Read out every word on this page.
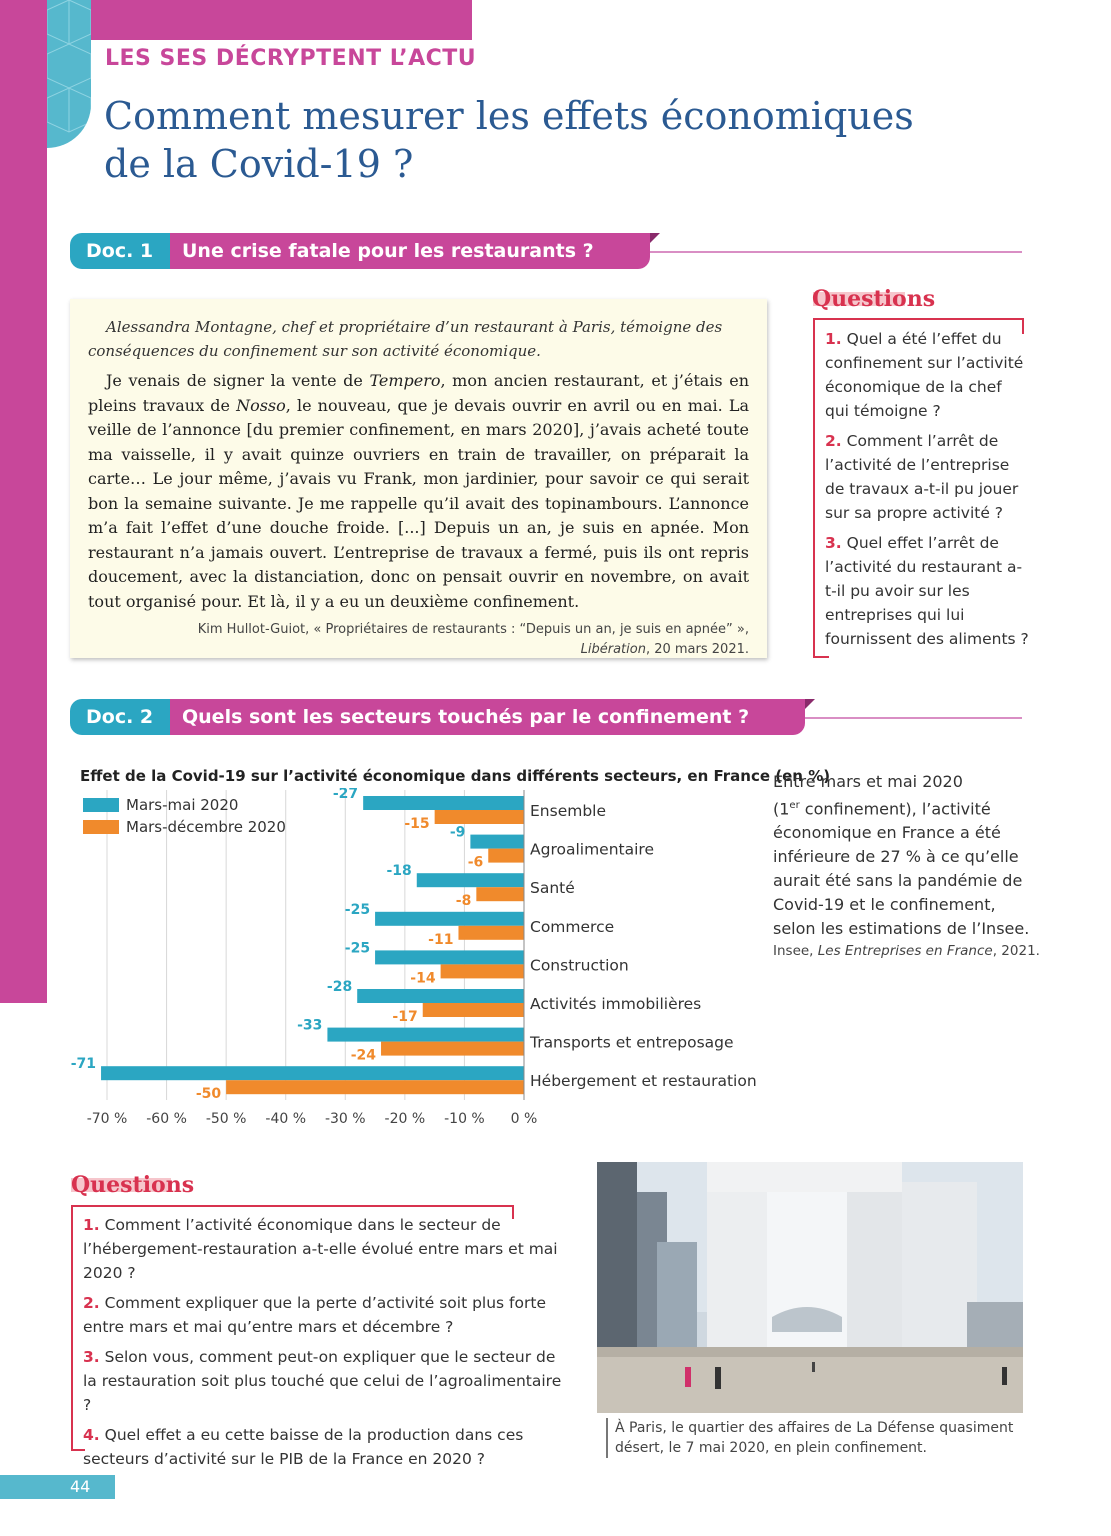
LES SES DÉCRYPTENT L’ACTU
Comment mesurer les effets économiques
de la Covid-19 ?
Doc. 1	Une crise fatale pour les restaurants ?

Alessandra Montagne, chef et propriétaire d’un restaurant à Paris, témoigne des conséquences du confinement sur son activité économique.

Je venais de signer la vente de Tempero, mon ancien restaurant, et j’étais en pleins travaux de Nosso, le nouveau, que je devais ouvrir en avril ou en mai. La veille de l’annonce [du premier confinement, en mars 2020], j’avais acheté toute ma vaisselle, il y avait quinze ouvriers en train de travailler, on préparait la carte… Le jour même, j’avais vu Frank, mon jardinier, pour savoir ce qui serait bon la semaine suivante. Je me rappelle qu’il avait des topinambours. L’annonce m’a fait l’effet d’une douche froide. [...] Depuis un an, je suis en apnée. Mon restaurant n’a jamais ouvert. L’entreprise de travaux a fermé, puis ils ont repris doucement, avec la distanciation, donc on pensait ouvrir en novembre, on avait tout organisé pour. Et là, il y a eu un deuxième confinement.

Kim Hullot-Guiot, « Propriétaires de restaurants : “Depuis un an, je suis en apnée” »,
Libération, 20 mars 2021.
Questions

1. Quel a été l’effet du confinement sur l’activité économique de la chef qui témoigne ?

2. Comment l’arrêt de l’activité de l’entreprise de travaux a-t-il pu jouer sur sa propre activité ?

3. Quel effet l’arrêt de l’activité du restaurant a-t-il pu avoir sur les entreprises qui lui fournissent des aliments ?

Doc. 2	Quels sont les secteurs touchés par le confinement ?
Effet de la Covid-19 sur l’activité économique dans différents secteurs, en France (en %)
-70 % -60 % -50 % -40 % -30 % -20 % -10 % 0 %
Mars-mai 2020
Mars-décembre 2020
-27
-15
Ensemble
-9
-6
Agroalimentaire
-18
-8
Santé
-25
-11
Commerce
-25
-14
Construction
-28
-17
Activités immobilières
-33
-24
Transports et entreposage
-71
-50
Hébergement et restauration
Entre mars et mai 2020
(1er confinement), l’activité économique en France a été inférieure de 27 % à ce qu’elle aurait été sans la pandémie de Covid-19 et le confinement, selon les estimations de l’Insee.
Insee, Les Entreprises en France, 2021.
Questions

1. Comment l’activité économique dans le secteur de l’hébergement-restauration a-t-elle évolué entre mars et mai 2020 ?

2. Comment expliquer que la perte d’activité soit plus forte entre mars et mai qu’entre mars et décembre ?

3. Selon vous, comment peut-on expliquer que le secteur de la restauration soit plus touché que celui de l’agroalimentaire ?

4. Quel effet a eu cette baisse de la production dans ces secteurs d’activité sur le PIB de la France en 2020 ?

À Paris, le quartier des affaires de La Défense quasiment désert, le 7 mai 2020, en plein confinement.
44
